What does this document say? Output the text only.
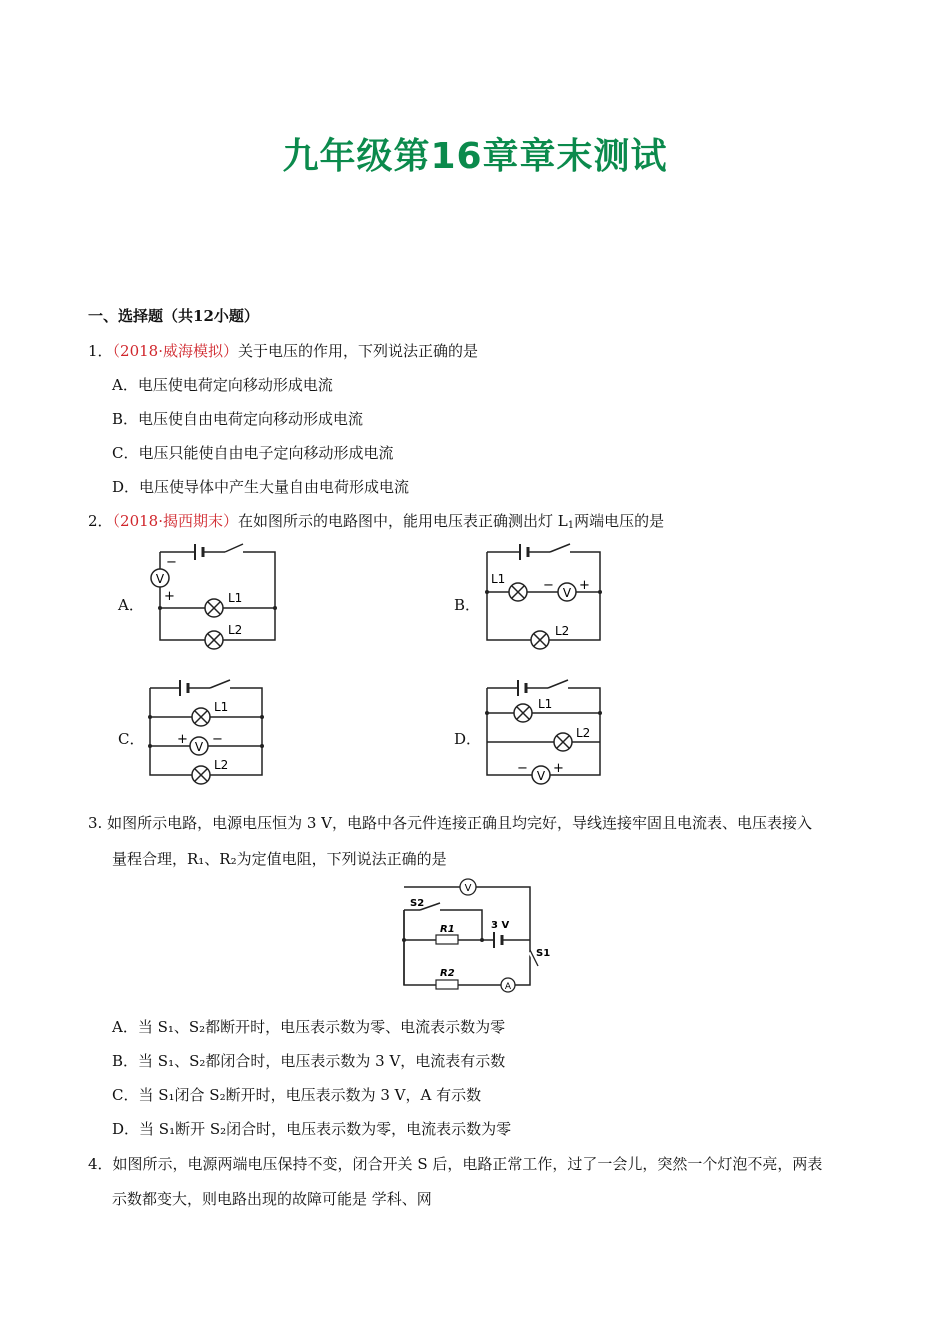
九年级第16章章末测试
一、选择题（共12小题）
1．（2018·威海模拟）关于电压的作用，下列说法正确的是
A．电压使电荷定向移动形成电流
B．电压使自由电荷定向移动形成电流
C．电压只能使自由电子定向移动形成电流
D．电压使导体中产生大量自由电荷形成电流
2．（2018·揭西期末）在如图所示的电路图中，能用电压表正确测出灯 $L_1$两端电压的是
A．	B．
C．	D．
V
−
+	L1
L2
L1
V
− +
L2
L1
V
+ −
L2
L1
L2
V
− +
V
S2
R1	3 V
S1
R2
A
3. 如图所示电路，电源电压恒为 3 V，电路中各元件连接正确且均完好，导线连接牢固且电流表、电压表接入
量程合理，R₁、R₂为定值电阻，下列说法正确的是
A．当 S₁、S₂都断开时，电压表示数为零、电流表示数为零
B．当 S₁、S₂都闭合时，电压表示数为 3 V，电流表有示数
C．当 S₁闭合 S₂断开时，电压表示数为 3 V，A 有示数
D．当 S₁断开 S₂闭合时，电压表示数为零，电流表示数为零
4．如图所示，电源两端电压保持不变，闭合开关 S 后，电路正常工作，过了一会儿，突然一个灯泡不亮，两表
示数都变大，则电路出现的故障可能是 学科、网
